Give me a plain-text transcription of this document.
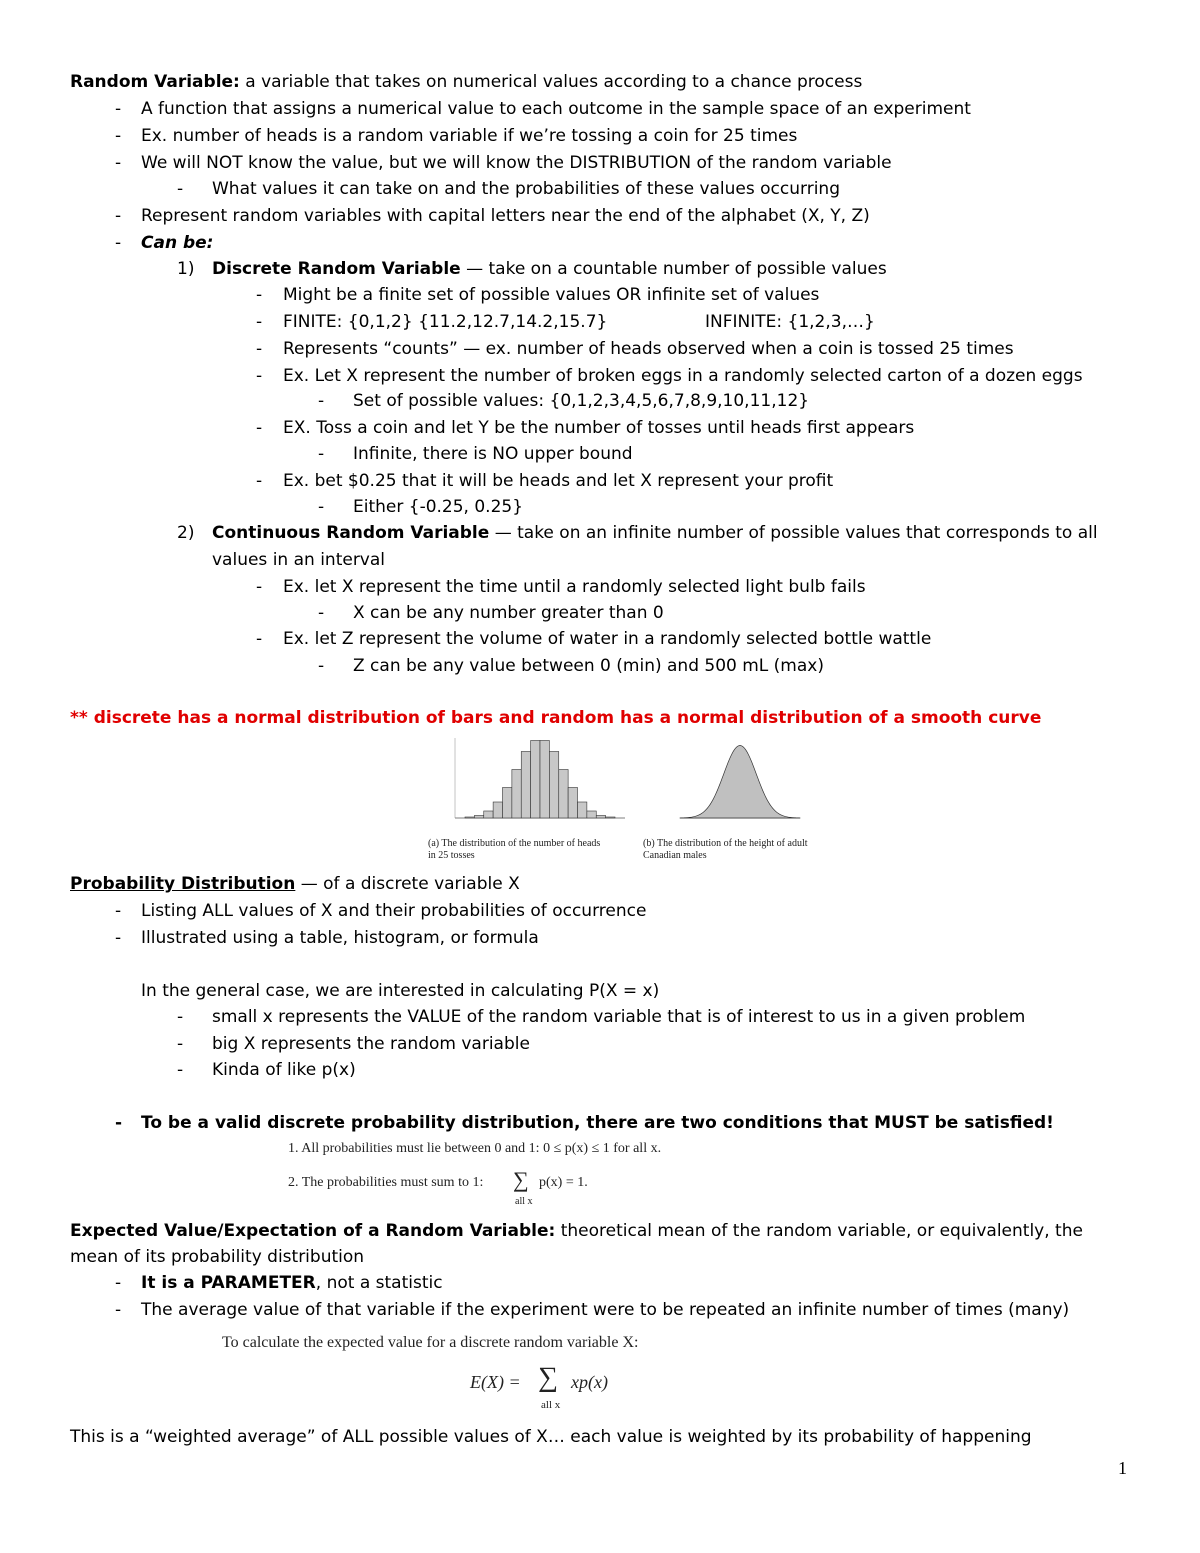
Random Variable: a variable that takes on numerical values according to a chance process
- A function that assigns a numerical value to each outcome in the sample space of an experiment
- Ex. number of heads is a random variable if we’re tossing a coin for 25 times
- We will NOT know the value, but we will know the DISTRIBUTION of the random variable
- What values it can take on and the probabilities of these values occurring
- Represent random variables with capital letters near the end of the alphabet (X, Y, Z)
- Can be:
1) Discrete Random Variable — take on a countable number of possible values
- Might be a finite set of possible values OR infinite set of values
- FINITE: {0,1,2} {11.2,12.7,14.2,15.7}	INFINITE: {1,2,3,…}
- Represents “counts” — ex. number of heads observed when a coin is tossed 25 times
- Ex. Let X represent the number of broken eggs in a randomly selected carton of a dozen eggs
- Set of possible values: {0,1,2,3,4,5,6,7,8,9,10,11,12}
- EX. Toss a coin and let Y be the number of tosses until heads first appears
- Infinite, there is NO upper bound
- Ex. bet $0.25 that it will be heads and let X represent your profit
- Either {-0.25, 0.25}
2) Continuous Random Variable — take on an infinite number of possible values that corresponds to all
values in an interval
- Ex. let X represent the time until a randomly selected light bulb fails
- X can be any number greater than 0
- Ex. let Z represent the volume of water in a randomly selected bottle wattle
- Z can be any value between 0 (min) and 500 mL (max)
** discrete has a normal distribution of bars and random has a normal distribution of a smooth curve
(a) The distribution of the number of heads
in 25 tosses
(b) The distribution of the height of adult
Canadian males
Probability Distribution — of a discrete variable X
- Listing ALL values of X and their probabilities of occurrence
- Illustrated using a table, histogram, or formula
In the general case, we are interested in calculating P(X = x)
- small x represents the VALUE of the random variable that is of interest to us in a given problem
- big X represents the random variable
- Kinda of like p(x)
- To be a valid discrete probability distribution, there are two conditions that MUST be satisfied!
1. All probabilities must lie between 0 and 1: 0 ≤ p(x) ≤ 1 for all x.
2. The probabilities must sum to 1: ∑ p(x) = 1.
all x
Expected Value/Expectation of a Random Variable: theoretical mean of the random variable, or equivalently, the
mean of its probability distribution
- It is a PARAMETER, not a statistic
- The average value of that variable if the experiment were to be repeated an infinite number of times (many)
To calculate the expected value for a discrete random variable X:
E(X) = ∑ xp(x)
all x
This is a “weighted average” of ALL possible values of X… each value is weighted by its probability of happening
1
